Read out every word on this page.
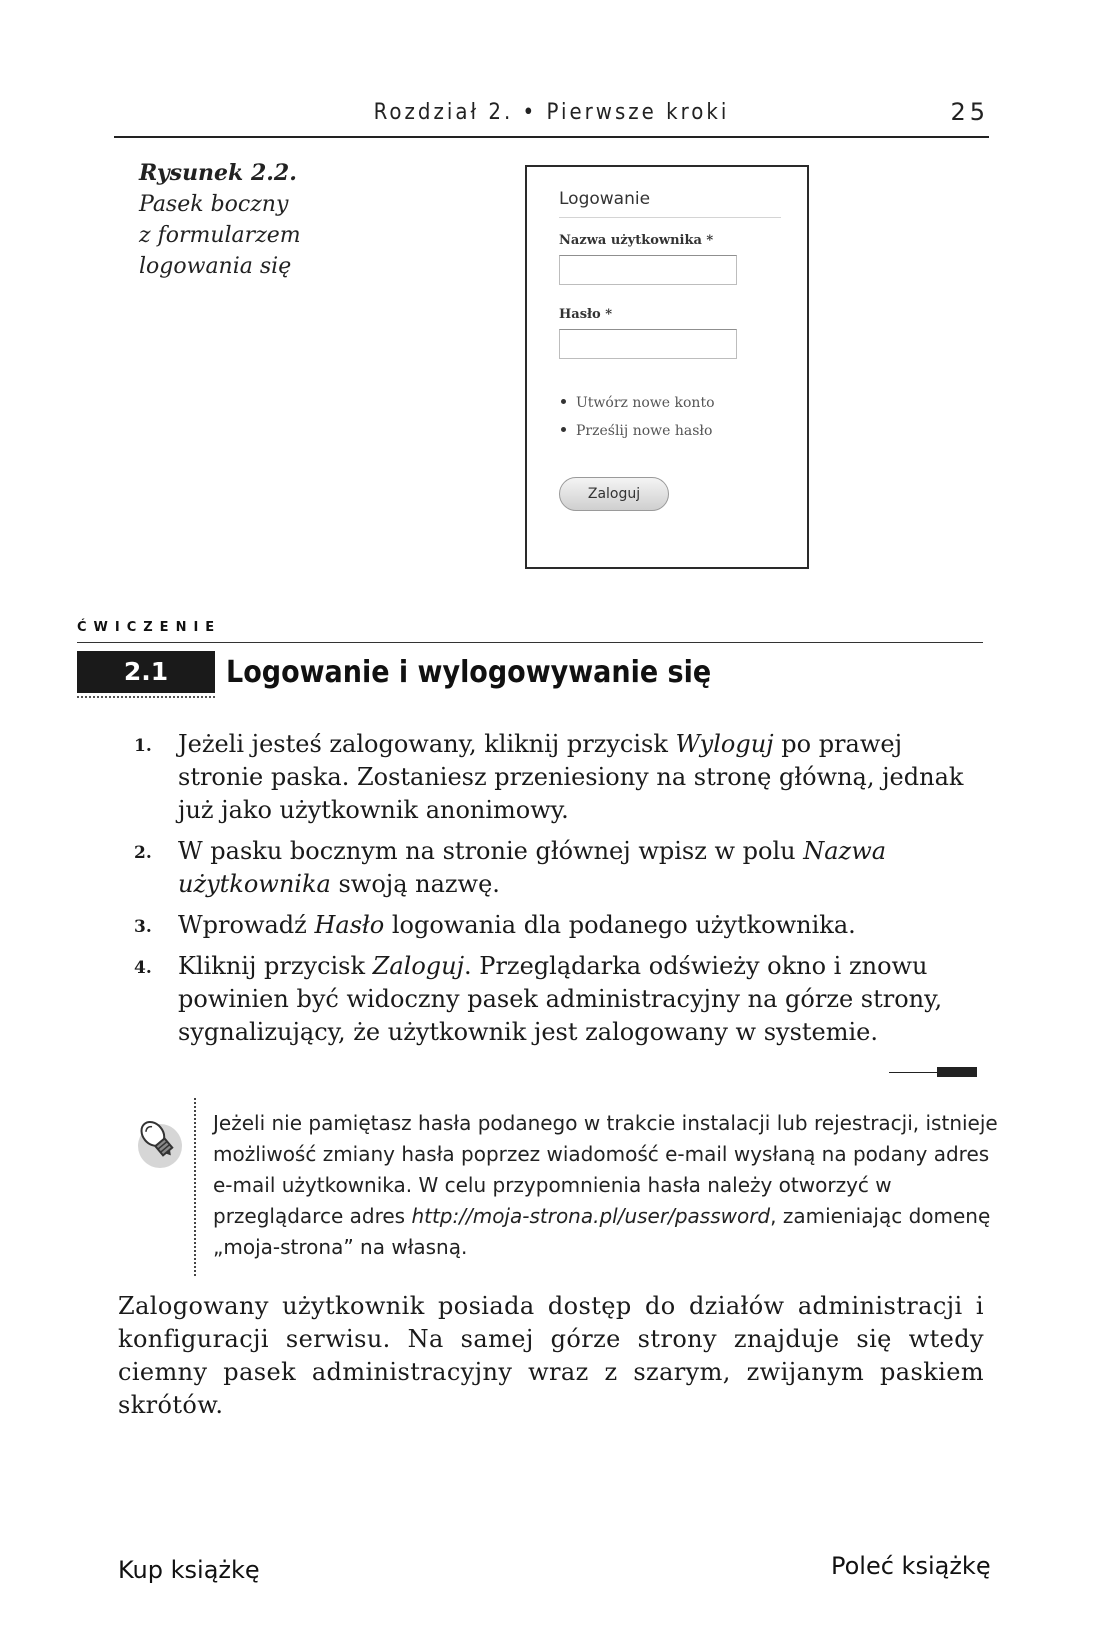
Rozdział 2. • Pierwsze kroki	25
Rysunek 2.2.
Pasek boczny
z formularzem
logowania się
Logowanie
Nazwa użytkownika *
Hasło *
Utwórz nowe konto
Prześlij nowe hasło
Zaloguj
ĆWICZENIE
2.1	Logowanie i wylogowywanie się
1. Jeżeli jesteś zalogowany, kliknij przycisk Wyloguj po prawej stronie paska. Zostaniesz przeniesiony na stronę główną, jednak już jako użytkownik anonimowy.
2. W pasku bocznym na stronie głównej wpisz w polu Nazwa użytkownika swoją nazwę.
3. Wprowadź Hasło logowania dla podanego użytkownika.
4. Kliknij przycisk Zaloguj. Przeglądarka odświeży okno i znowu powinien być widoczny pasek administracyjny na górze strony, sygnalizujący, że użytkownik jest zalogowany w systemie.
Jeżeli nie pamiętasz hasła podanego w trakcie instalacji lub rejestracji, istnieje możliwość zmiany hasła poprzez wiadomość e-mail wysłaną na podany adres e-mail użytkownika. W celu przypomnienia hasła należy otworzyć w przeglądarce adres http://moja-strona.pl/user/password, zamieniając domenę „moja-strona” na własną.
Zalogowany użytkownik posiada dostęp do działów administracji i konfiguracji serwisu. Na samej górze strony znajduje się wtedy ciemny pasek administracyjny wraz z szarym, zwijanym paskiem skrótów.
Kup książkę	Poleć książkę
